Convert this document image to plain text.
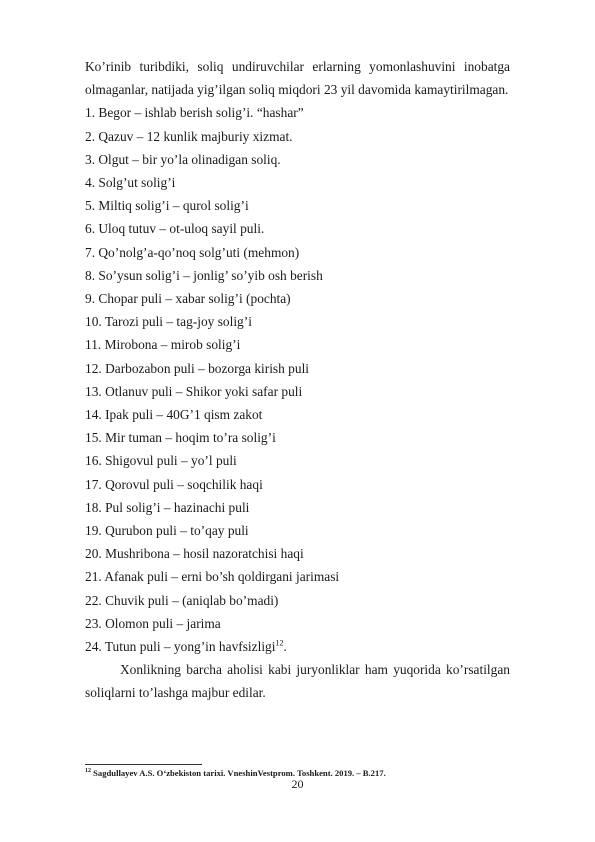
Ko’rinib turibdiki, soliq undiruvchilar erlarning yomonlashuvini inobatga olmaganlar, natijada yig’ilgan soliq miqdori 23 yil davomida kamaytirilmagan.

1. Begor – ishlab berish solig’i. “hashar”
2. Qazuv – 12 kunlik majburiy xizmat.
3. Olgut – bir yo’la olinadigan soliq.
4. Solg’ut solig’i
5. Miltiq solig’i – qurol solig’i
6. Uloq tutuv – ot-uloq sayil puli.
7. Qo’nolg’a-qo’noq solg’uti (mehmon)
8. So’ysun solig’i – jonlig’ so’yib osh berish
9. Chopar puli – xabar solig’i (pochta)
10. Tarozi puli – tag-joy solig’i
11. Mirobona – mirob solig’i
12. Darbozabon puli – bozorga kirish puli
13. Otlanuv puli – Shikor yoki safar puli
14. Ipak puli – 40G’1 qism zakot
15. Mir tuman – hoqim to’ra solig’i
16. Shigovul puli – yo’l puli
17. Qorovul puli – soqchilik haqi
18. Pul solig’i – hazinachi puli
19. Qurubon puli – to’qay puli
20. Mushribona – hosil nazoratchisi haqi
21. Afanak puli – erni bo’sh qoldirgani jarimasi
22. Chuvik puli – (aniqlab bo’madi)
23. Olomon puli – jarima
24. Tutun puli – yong’in havfsizligi$^{12}$.

Xonlikning barcha aholisi kabi juryonliklar ham yuqorida ko’rsatilgan soliqlarni to’lashga majbur edilar.

$^{12}$ Sagdullayev A.S. O‘zbekiston tarixi. VneshinVestprom. Toshkent. 2019. – B.217.
20
